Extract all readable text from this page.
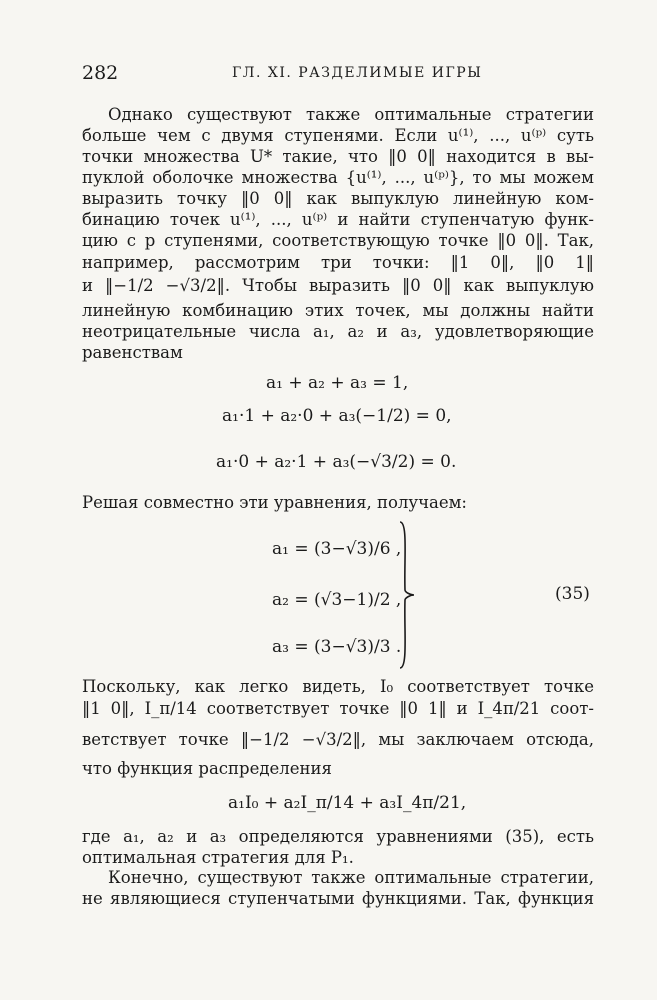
282	ГЛ. XI. РАЗДЕЛИМЫЕ ИГРЫ
Однако существуют также оптимальные стратегии
больше чем с двумя ступенями. Если u⁽¹⁾, ..., u⁽ᵖ⁾ суть
точки множества U* такие, что ‖0 0‖ находится в вы-
пуклой оболочке множества {u⁽¹⁾, ..., u⁽ᵖ⁾}, то мы можем
выразить точку ‖0 0‖ как выпуклую линейную ком-
бинацию точек u⁽¹⁾, ..., u⁽ᵖ⁾ и найти ступенчатую функ-
цию с p ступенями, соответствующую точке ‖0 0‖. Так,
например, рассмотрим три точки: ‖1 0‖, ‖0 1‖
и ‖−1/2 −√3/2‖. Чтобы выразить ‖0 0‖ как выпуклую
линейную комбинацию этих точек, мы должны найти
неотрицательные числа a₁, a₂ и a₃, удовлетворяющие
равенствам
a₁ + a₂ + a₃ = 1,
a₁·1 + a₂·0 + a₃(−1/2) = 0,
a₁·0 + a₂·1 + a₃(−√3/2) = 0.
Решая совместно эти уравнения, получаем:
a₁ = (3−√3)/6 ,
a₂ = (√3−1)/2 ,
a₃ = (3−√3)/3 .
(35)
Поскольку, как легко видеть, I₀ соответствует точке
‖1 0‖, I_π/14 соответствует точке ‖0 1‖ и I_4π/21 соот-
ветствует точке ‖−1/2 −√3/2‖, мы заключаем отсюда,
что функция распределения
a₁I₀ + a₂I_π/14 + a₃I_4π/21,
где a₁, a₂ и a₃ определяются уравнениями (35), есть
оптимальная стратегия для P₁.
Конечно, существуют также оптимальные стратегии,
не являющиеся ступенчатыми функциями. Так, функция
